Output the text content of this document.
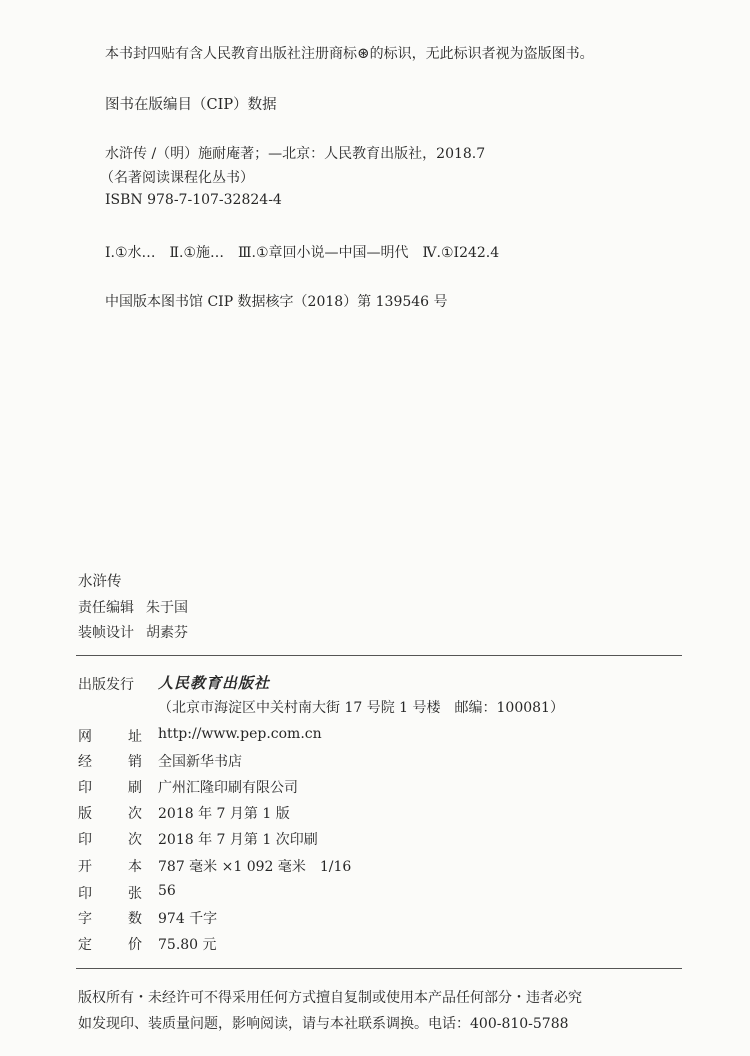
本书封四贴有含人民教育出版社注册商标⊛的标识，无此标识者视为盗版图书。
图书在版编目（CIP）数据
水浒传 /（明）施耐庵著；—北京：人民教育出版社，2018.7
（名著阅读课程化丛书）
ISBN 978-7-107-32824-4
Ⅰ.①水…　Ⅱ.①施…　Ⅲ.①章回小说—中国—明代　Ⅳ.①I242.4
中国版本图书馆 CIP 数据核字（2018）第 139546 号
水浒传
责任编辑 朱于国
装帧设计 胡素芬
出版发行 人民教育出版社
（北京市海淀区中关村南大街 17 号院 1 号楼　邮编：100081）
网	址 http://www.pep.com.cn
经	销 全国新华书店
印	刷 广州汇隆印刷有限公司
版	次 2018 年 7 月第 1 版
印	次 2018 年 7 月第 1 次印刷
开	本 787 毫米 ×1 092 毫米　1/16
印	张 56
字	数 974 千字
定	价 75.80 元
版权所有・未经许可不得采用任何方式擅自复制或使用本产品任何部分・违者必究
如发现印、装质量问题，影响阅读，请与本社联系调换。电话：400-810-5788
